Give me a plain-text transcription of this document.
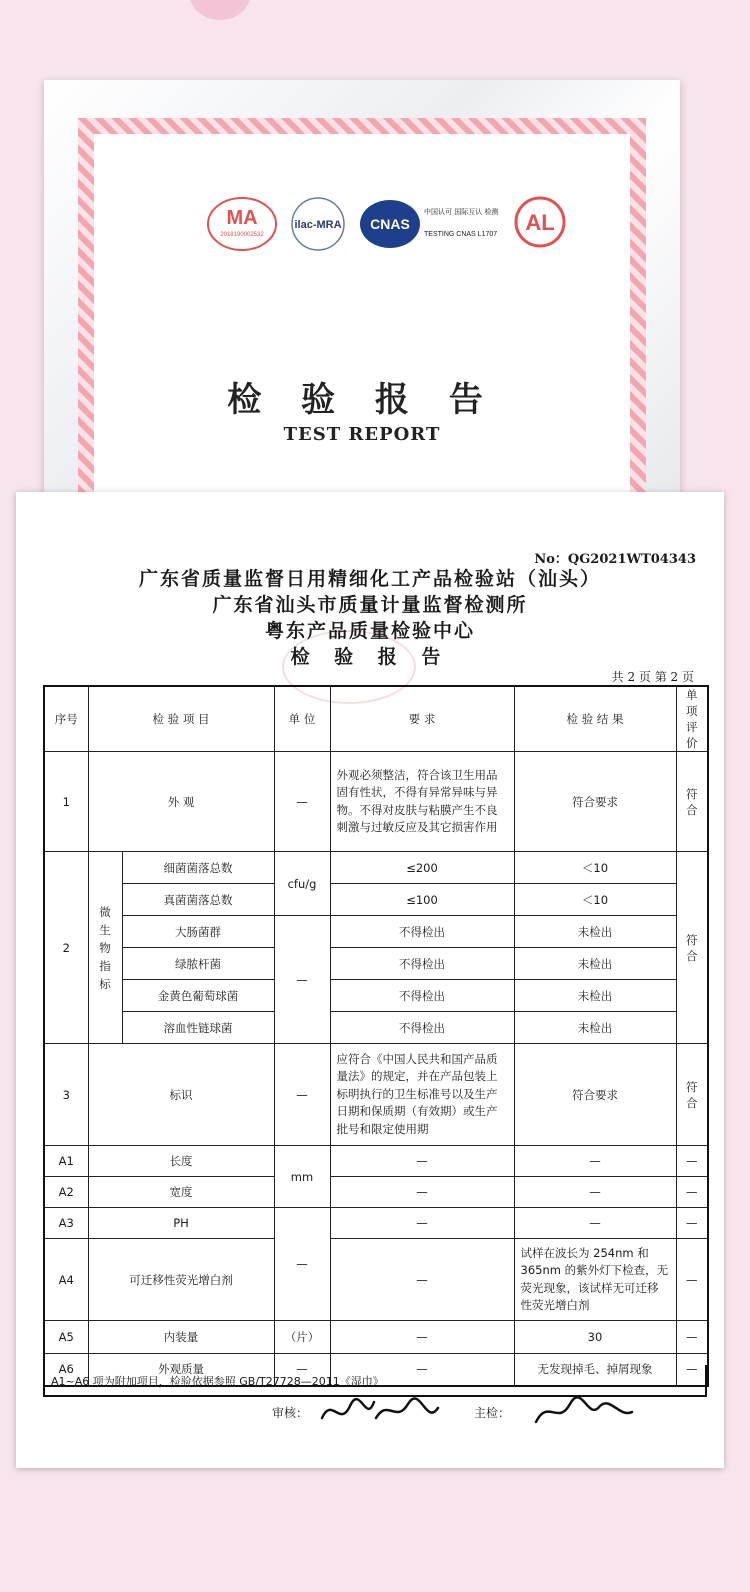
MA
2018190002532
ilac-MRA CNAS
中国认可 国际互认 检测
TESTING CNAS L1707 AL
检 验 报 告
TEST REPORT
No：QG2021WT04343
广东省质量监督日用精细化工产品检验站（汕头）
广东省汕头市质量计量监督检测所
粤东产品质量检验中心
检 验 报 告
共 2 页 第 2 页
序号	检 验 项 目		单 位	要 求	检 验 结 果	单项评价
1	外 观		—	外观必须整洁，符合该卫生用品固有性状，不得有异常异味与异物。不得对皮肤与粘膜产生不良刺激与过敏反应及其它损害作用	符合要求	符合
2	微生物指标	细菌菌落总数	cfu/g	≤200	＜10	符合
		真菌菌落总数		≤100	＜10	
		大肠菌群	—	不得检出	未检出	
		绿脓杆菌		不得检出	未检出	
		金黄色葡萄球菌		不得检出	未检出	
		溶血性链球菌		不得检出	未检出	
3	标识		—	应符合《中国人民共和国产品质量法》的规定，并在产品包装上标明执行的卫生标准号以及生产日期和保质期（有效期）或生产批号和限定使用期	符合要求	符合
A1	长度		mm	—	—	—
A2	宽度			—	—	—
A3	PH		—	—	—	—
A4	可迁移性荧光增白剂			—	试样在波长为 254nm 和 365nm 的紫外灯下检查，无荧光现象，该试样无可迁移性荧光增白剂	—
A5	内装量		（片）	—	30	—
A6	外观质量		—	—	无发现掉毛、掉屑现象	—
A1~A6 项为附加项目，检验依据参照 GB/T27728—2011《湿巾》
审核：	主检：
